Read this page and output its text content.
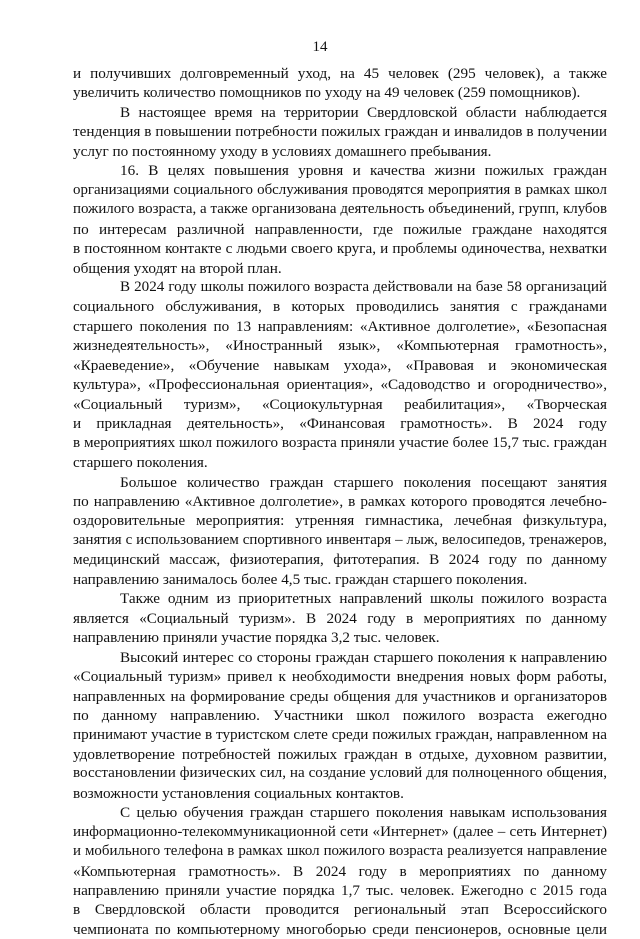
14
и получивших долговременный уход, на 45 человек (295 человек), а также
увеличить количество помощников по уходу на 49 человек (259 помощников).
В настоящее время на территории Свердловской области наблюдается
тенденция в повышении потребности пожилых граждан и инвалидов в получении
услуг по постоянному уходу в условиях домашнего пребывания.
16. В целях повышения уровня и качества жизни пожилых граждан
организациями социального обслуживания проводятся мероприятия в рамках школ
пожилого возраста, а также организована деятельность объединений, групп, клубов
по интересам различной направленности, где пожилые граждане находятся
в постоянном контакте с людьми своего круга, и проблемы одиночества, нехватки
общения уходят на второй план.
В 2024 году школы пожилого возраста действовали на базе 58 организаций
социального обслуживания, в которых проводились занятия с гражданами
старшего поколения по 13 направлениям: «Активное долголетие», «Безопасная
жизнедеятельность», «Иностранный язык», «Компьютерная грамотность»,
«Краеведение», «Обучение навыкам ухода», «Правовая и экономическая
культура», «Профессиональная ориентация», «Садоводство и огородничество»,
«Социальный туризм», «Социокультурная реабилитация», «Творческая
и прикладная деятельность», «Финансовая грамотность». В 2024 году
в мероприятиях школ пожилого возраста приняли участие более 15,7 тыс. граждан
старшего поколения.
Большое количество граждан старшего поколения посещают занятия
по направлению «Активное долголетие», в рамках которого проводятся лечебно-
оздоровительные мероприятия: утренняя гимнастика, лечебная физкультура,
занятия с использованием спортивного инвентаря – лыж, велосипедов, тренажеров,
медицинский массаж, физиотерапия, фитотерапия. В 2024 году по данному
направлению занималось более 4,5 тыс. граждан старшего поколения.
Также одним из приоритетных направлений школы пожилого возраста
является «Социальный туризм». В 2024 году в мероприятиях по данному
направлению приняли участие порядка 3,2 тыс. человек.
Высокий интерес со стороны граждан старшего поколения к направлению
«Социальный туризм» привел к необходимости внедрения новых форм работы,
направленных на формирование среды общения для участников и организаторов
по данному направлению. Участники школ пожилого возраста ежегодно
принимают участие в туристском слете среди пожилых граждан, направленном на
удовлетворение потребностей пожилых граждан в отдыхе, духовном развитии,
восстановлении физических сил, на создание условий для полноценного общения,
возможности установления социальных контактов.
С целью обучения граждан старшего поколения навыкам использования
информационно-телекоммуникационной сети «Интернет» (далее – сеть Интернет)
и мобильного телефона в рамках школ пожилого возраста реализуется направление
«Компьютерная грамотность». В 2024 году в мероприятиях по данному
направлению приняли участие порядка 1,7 тыс. человек. Ежегодно с 2015 года
в Свердловской области проводится региональный этап Всероссийского
чемпионата по компьютерному многоборью среди пенсионеров, основные цели
